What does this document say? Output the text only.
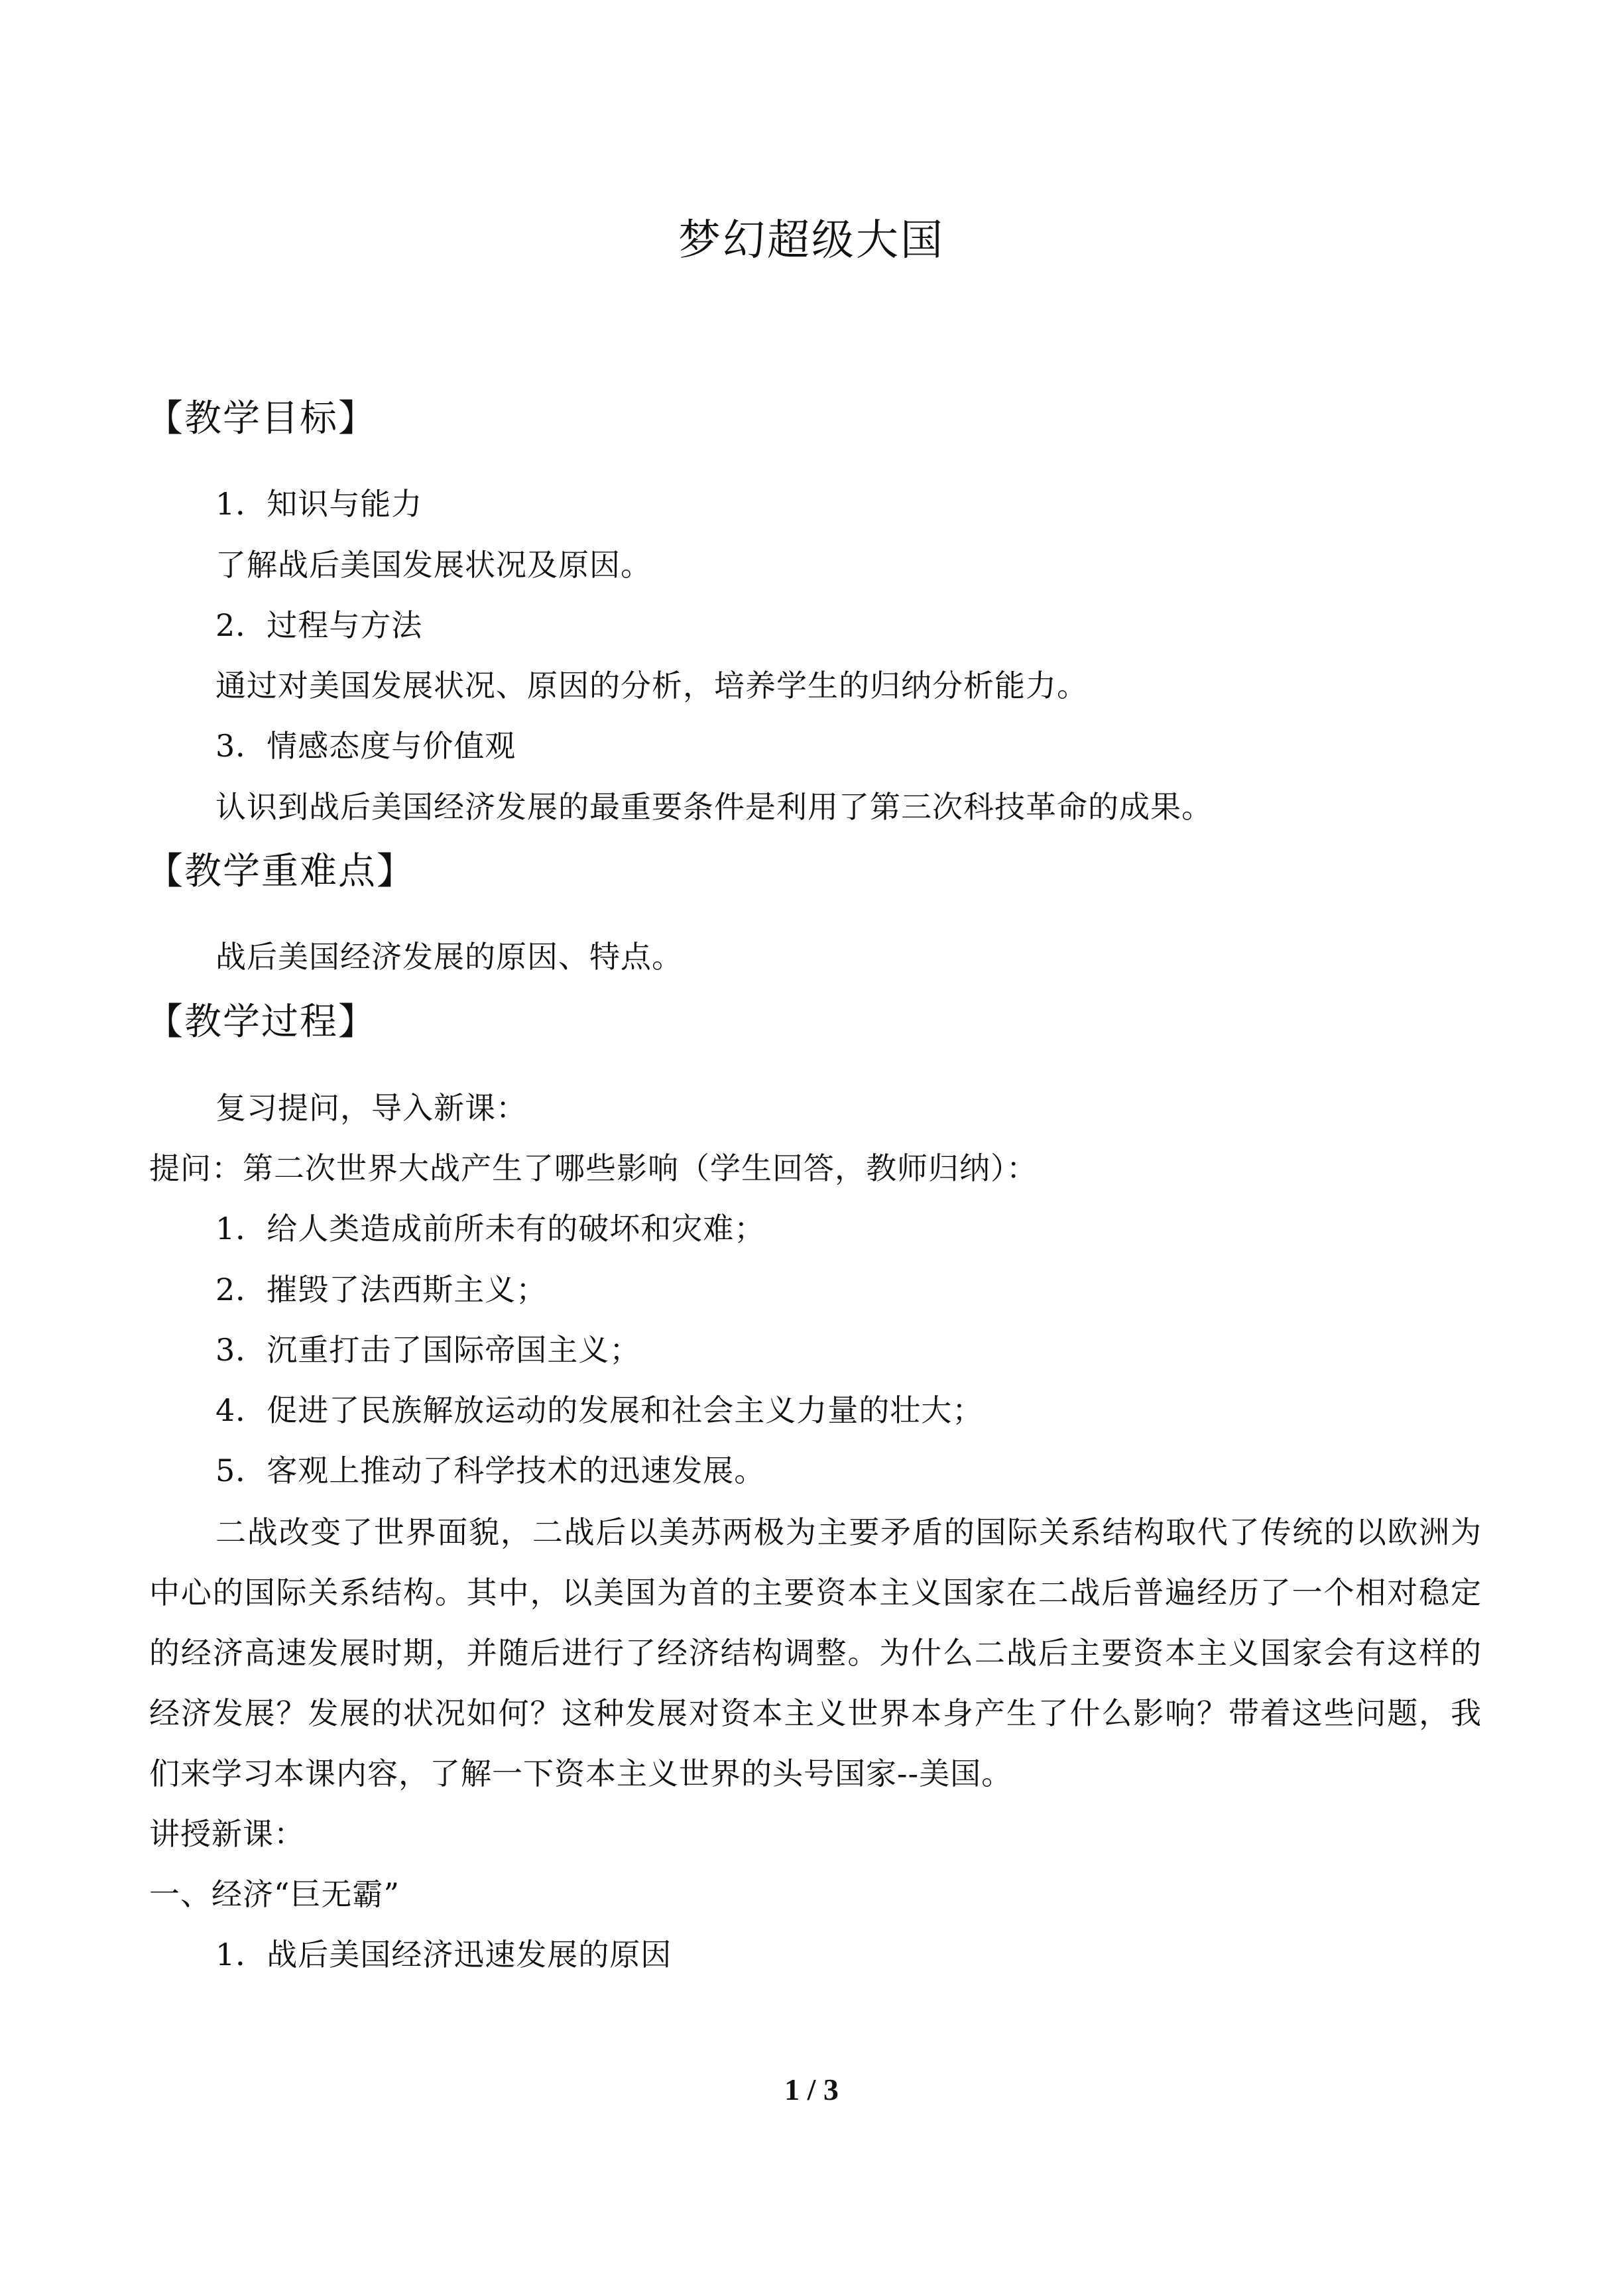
梦幻超级大国
【教学目标】
1．知识与能力
了解战后美国发展状况及原因。
2．过程与方法
通过对美国发展状况、原因的分析，培养学生的归纳分析能力。
3．情感态度与价值观
认识到战后美国经济发展的最重要条件是利用了第三次科技革命的成果。
【教学重难点】
战后美国经济发展的原因、特点。
【教学过程】
复习提问，导入新课：
提问：第二次世界大战产生了哪些影响（学生回答，教师归纳）：
1．给人类造成前所未有的破坏和灾难；
2．摧毁了法西斯主义；
3．沉重打击了国际帝国主义；
4．促进了民族解放运动的发展和社会主义力量的壮大；
5．客观上推动了科学技术的迅速发展。
二战改变了世界面貌，二战后以美苏两极为主要矛盾的国际关系结构取代了传统的以欧洲为中心的国际关系结构。其中，以美国为首的主要资本主义国家在二战后普遍经历了一个相对稳定的经济高速发展时期，并随后进行了经济结构调整。为什么二战后主要资本主义国家会有这样的经济发展？发展的状况如何？这种发展对资本主义世界本身产生了什么影响？带着这些问题，我们来学习本课内容，了解一下资本主义世界的头号国家--美国。
讲授新课：
一、经济“巨无霸”
1．战后美国经济迅速发展的原因
1 / 3
